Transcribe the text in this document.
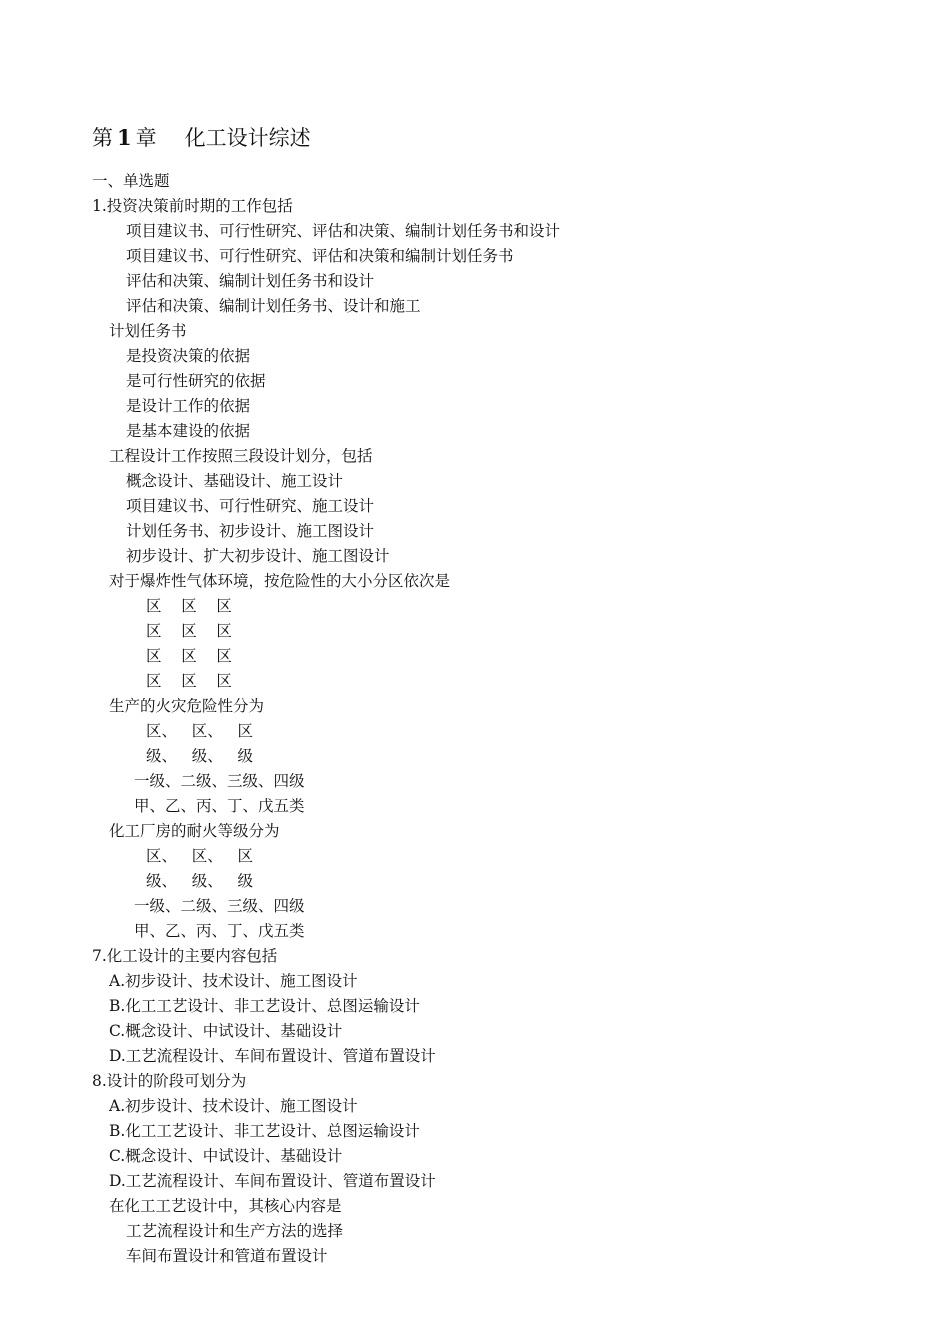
第 1 章 化工设计综述
一、单选题
1.投资决策前时期的工作包括
项目建议书、可行性研究、评估和决策、编制计划任务书和设计
项目建议书、可行性研究、评估和决策和编制计划任务书
评估和决策、编制计划任务书和设计
评估和决策、编制计划任务书、设计和施工
计划任务书
是投资决策的依据
是可行性研究的依据
是设计工作的依据
是基本建设的依据
工程设计工作按照三段设计划分，包括
概念设计、基础设计、施工设计
项目建议书、可行性研究、施工设计
计划任务书、初步设计、施工图设计
初步设计、扩大初步设计、施工图设计
对于爆炸性气体环境，按危险性的大小分区依次是
区    区    区
区    区    区
区    区    区
区    区    区
生产的火灾危险性分为
区、   区、   区
级、   级、   级
一级、二级、三级、四级
甲、乙、丙、丁、戊五类
化工厂房的耐火等级分为
区、   区、   区
级、   级、   级
一级、二级、三级、四级
甲、乙、丙、丁、戊五类
7.化工设计的主要内容包括
A.初步设计、技术设计、施工图设计
B.化工工艺设计、非工艺设计、总图运输设计
C.概念设计、中试设计、基础设计
D.工艺流程设计、车间布置设计、管道布置设计
8.设计的阶段可划分为
A.初步设计、技术设计、施工图设计
B.化工工艺设计、非工艺设计、总图运输设计
C.概念设计、中试设计、基础设计
D.工艺流程设计、车间布置设计、管道布置设计
在化工工艺设计中，其核心内容是
工艺流程设计和生产方法的选择
车间布置设计和管道布置设计
